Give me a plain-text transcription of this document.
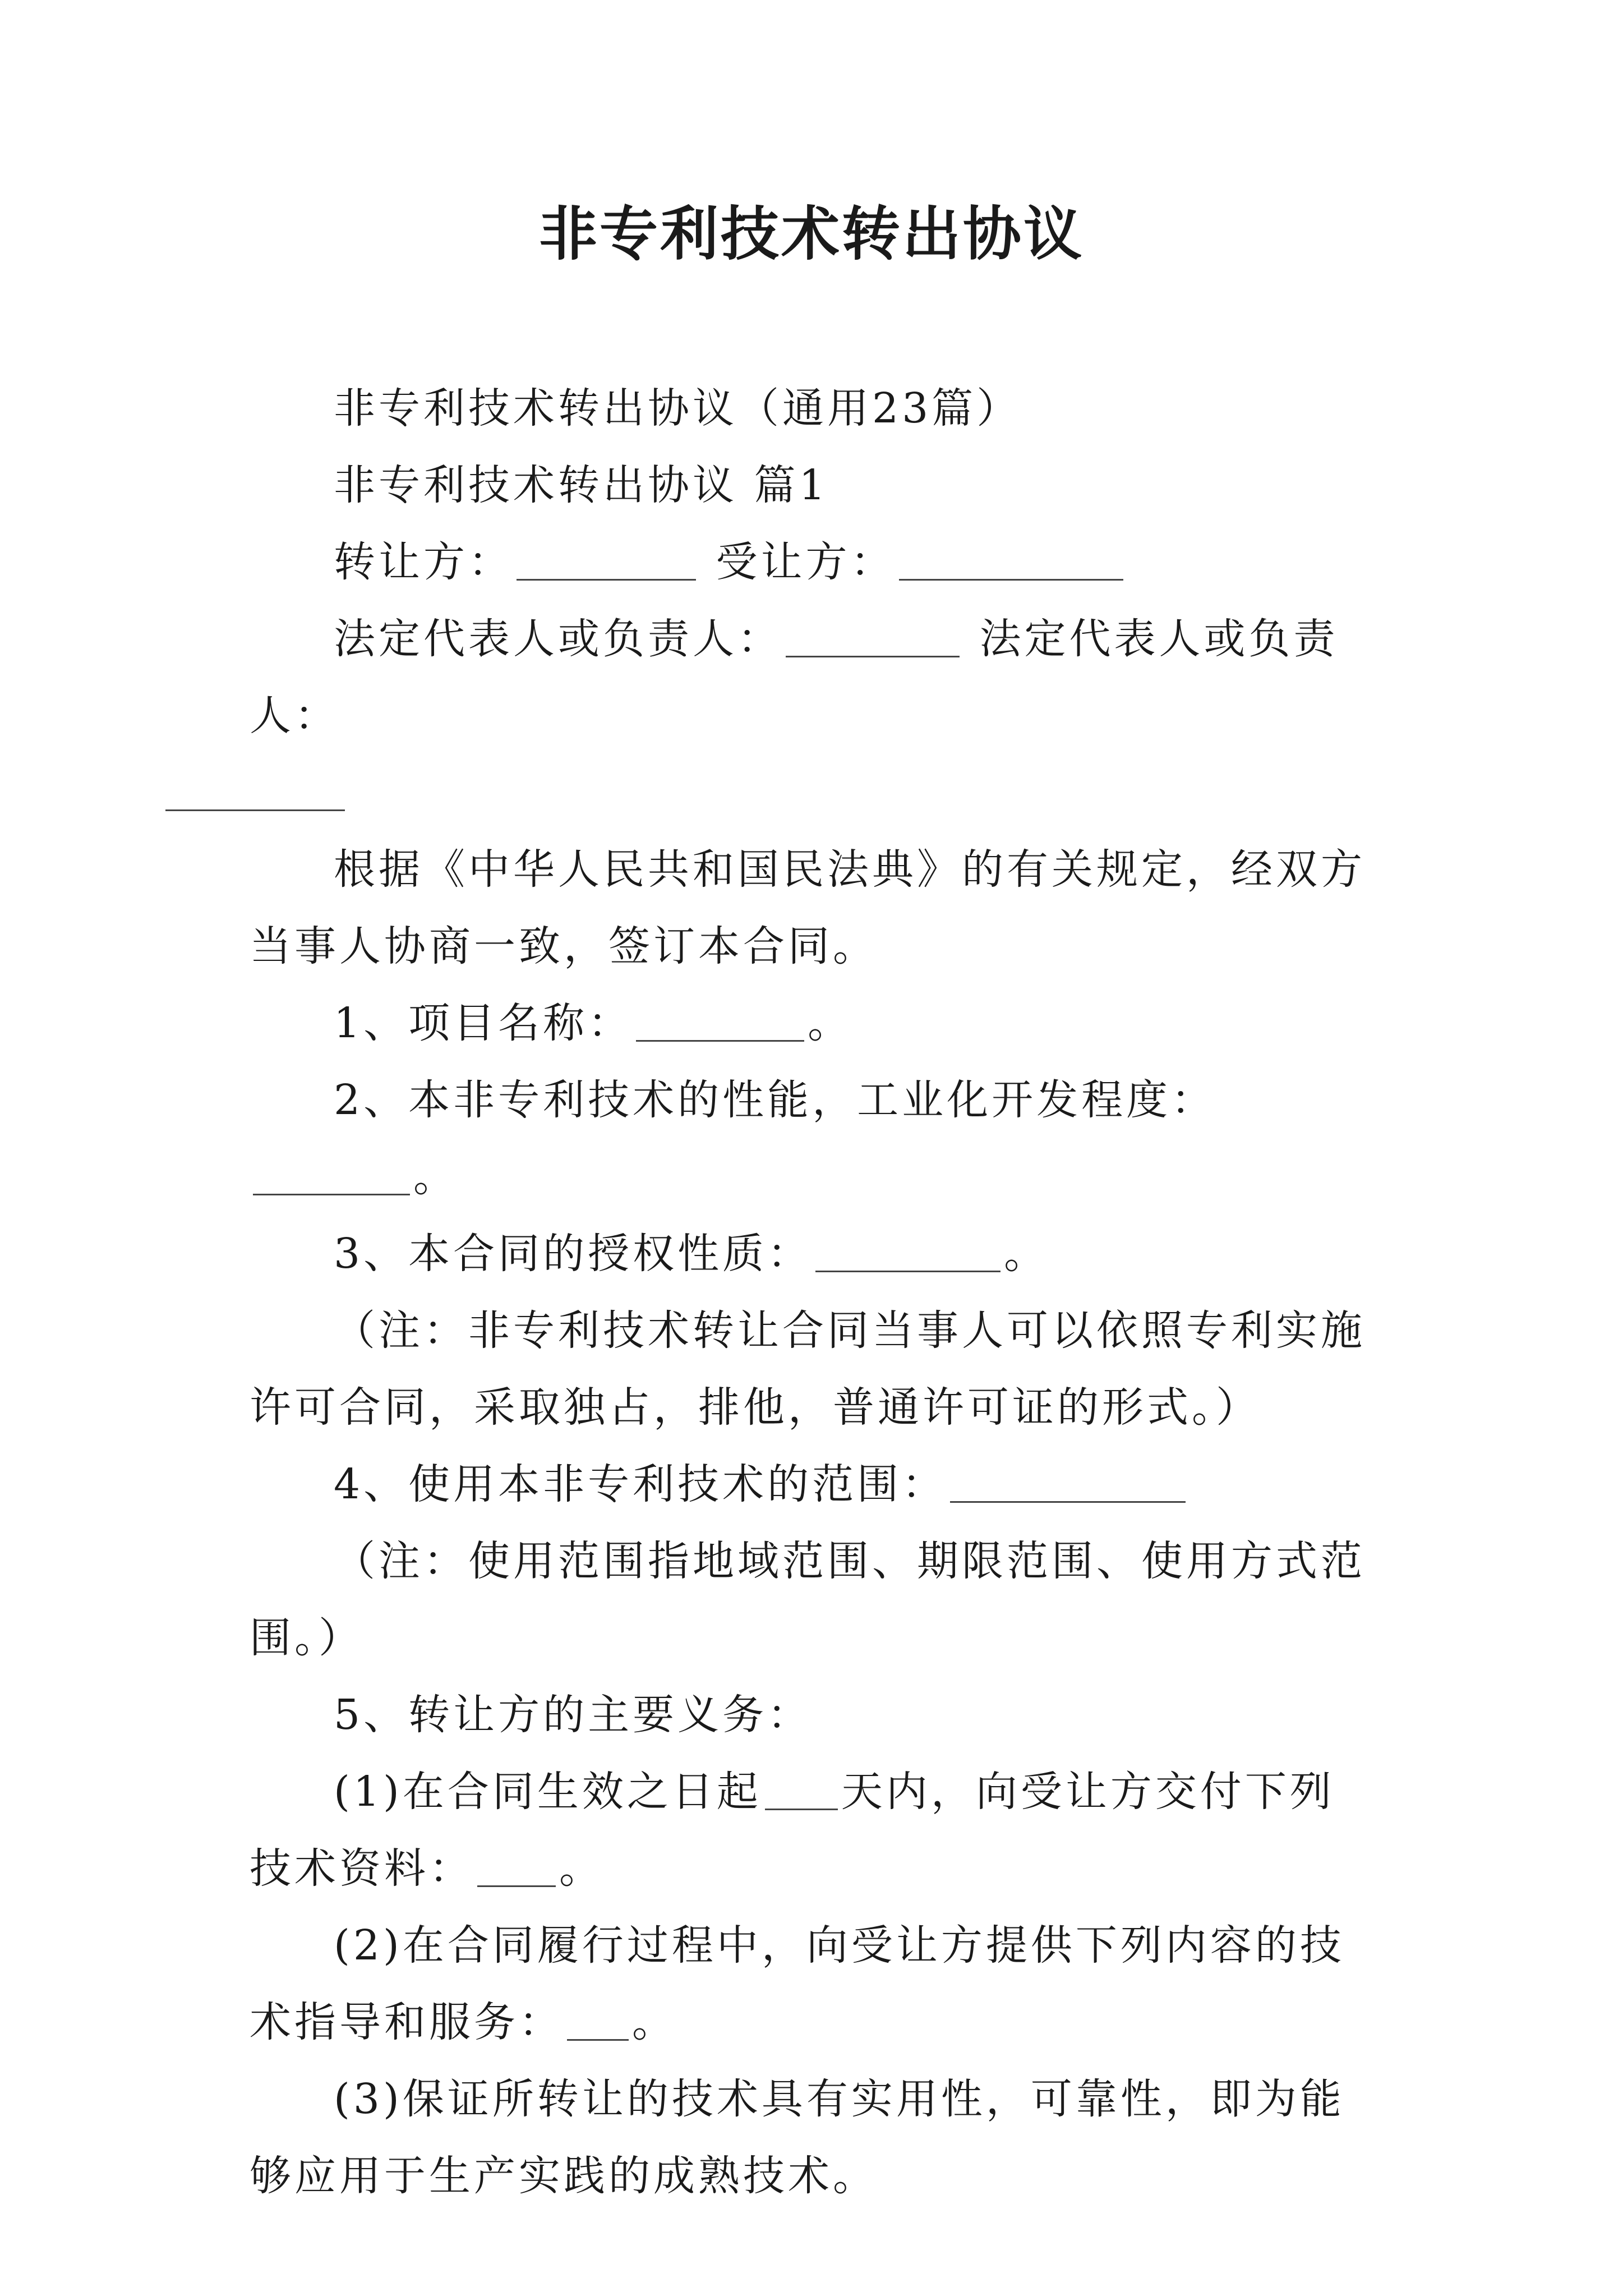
非专利技术转出协议

非专利技术转出协议（通用23篇）

非专利技术转出协议 篇1

转让方：	受让方：

法定代表人或负责人：	法定代表人或负责人：

根据《中华人民共和国民法典》的有关规定，经双方当事人协商一致，签订本合同。

1、项目名称：	。

2、本非专利技术的性能，工业化开发程度：。

3、本合同的授权性质：	。

（注：非专利技术转让合同当事人可以依照专利实施许可合同，采取独占，排他，普通许可证的形式。）

4、使用本非专利技术的范围：

（注：使用范围指地域范围、期限范围、使用方式范围。）

5、转让方的主要义务：

(1)在合同生效之日起 天内，向受让方交付下列技术资料： 。

(2)在合同履行过程中，向受让方提供下列内容的技术指导和服务： 。

(3)保证所转让的技术具有实用性，可靠性，即为能够应用于生产实践的成熟技术。
